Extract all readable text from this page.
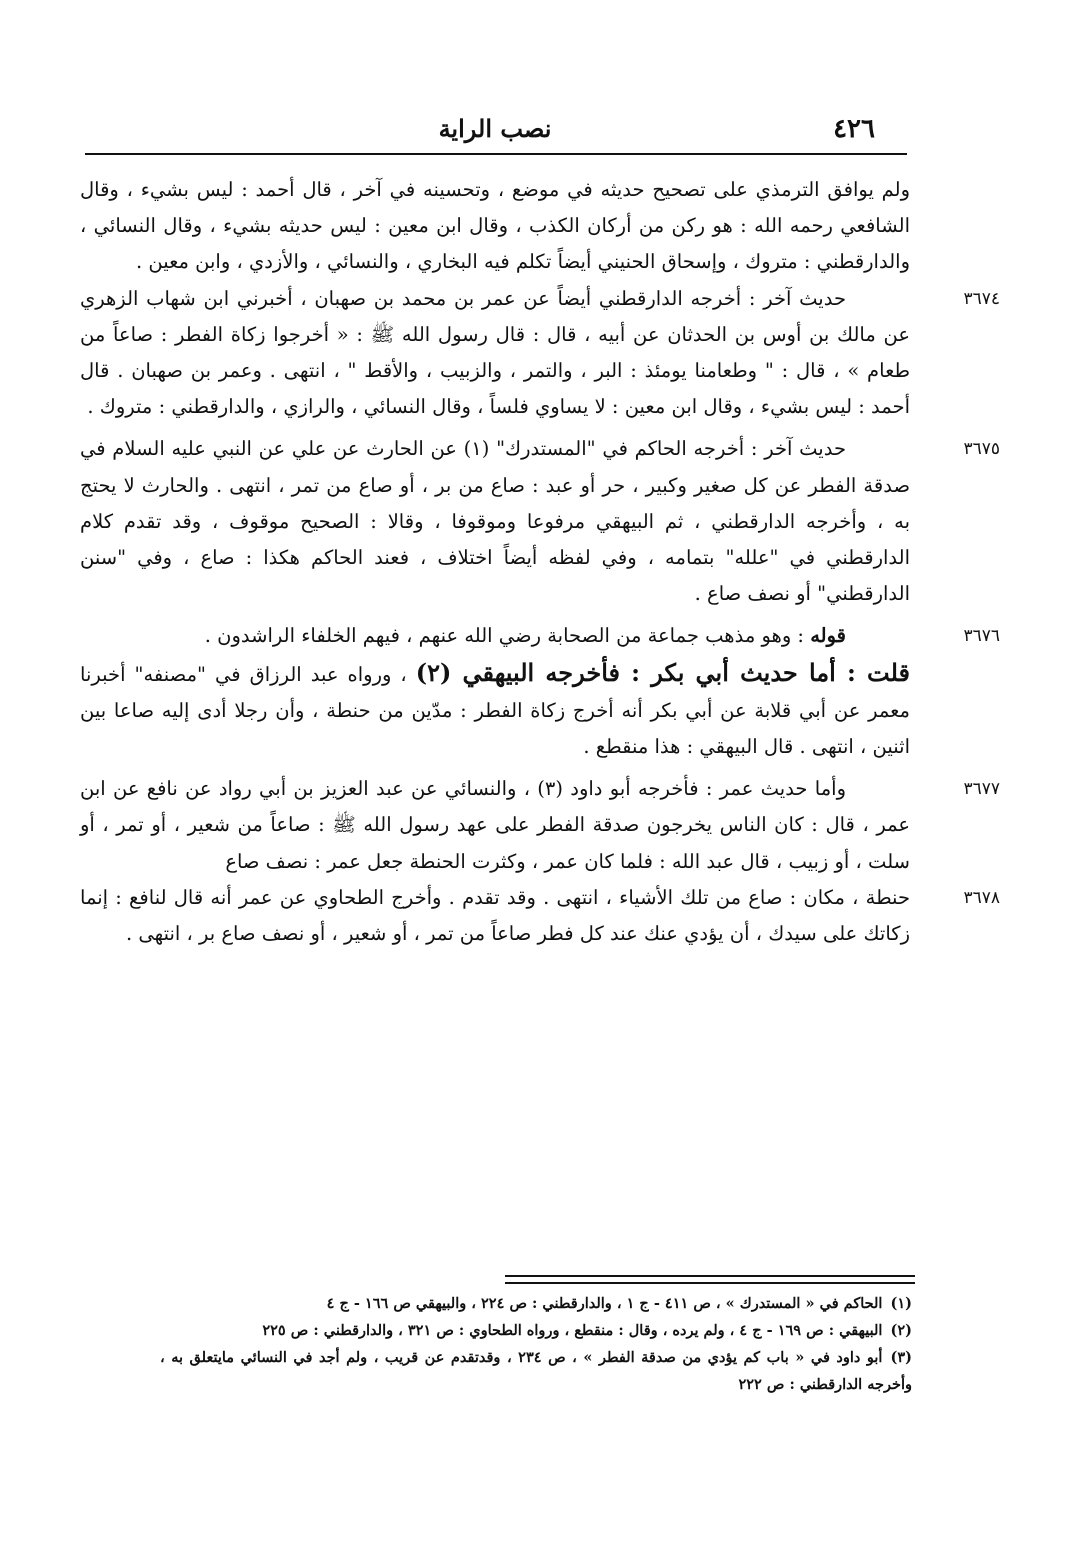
٤٢٦
نصب الراية

ولم يوافق الترمذي على تصحيح حديثه في موضع ، وتحسينه في آخر ، قال أحمد : ليس بشيء ، وقال الشافعي رحمه الله : هو ركن من أركان الكذب ، وقال ابن معين : ليس حديثه بشيء ، وقال النسائي ، والدارقطني : متروك ، وإسحاق الحنيني أيضاً تكلم فيه البخاري ، والنسائي ، والأزدي ، وابن معين .

٣٦٧٤
حديث آخر : أخرجه الدارقطني أيضاً عن عمر بن محمد بن صهبان ، أخبرني ابن شهاب الزهري عن مالك بن أوس بن الحدثان عن أبيه ، قال : قال رسول الله ﷺ : « أخرجوا زكاة الفطر : صاعاً من طعام » ، قال : " وطعامنا يومئذ : البر ، والتمر ، والزبيب ، والأقط " ، انتهى . وعمر بن صهبان . قال أحمد : ليس بشيء ، وقال ابن معين : لا يساوي فلساً ، وقال النسائي ، والرازي ، والدارقطني : متروك .

٣٦٧٥
حديث آخر : أخرجه الحاكم في "المستدرك" (١) عن الحارث عن علي عن النبي عليه السلام في صدقة الفطر عن كل صغير وكبير ، حر أو عبد : صاع من بر ، أو صاع من تمر ، انتهى . والحارث لا يحتج به ، وأخرجه الدارقطني ، ثم البيهقي مرفوعا وموقوفا ، وقالا : الصحيح موقوف ، وقد تقدم كلام الدارقطني في "علله" بتمامه ، وفي لفظه أيضاً اختلاف ، فعند الحاكم هكذا : صاع ، وفي "سنن الدارقطني" أو نصف صاع .

٣٦٧٦
قوله : وهو مذهب جماعة من الصحابة رضي الله عنهم ، فيهم الخلفاء الراشدون .

قلت : أما حديث أبي بكر : فأخرجه البيهقي (٢) ، ورواه عبد الرزاق في "مصنفه" أخبرنا معمر عن أبي قلابة عن أبي بكر أنه أخرج زكاة الفطر : مدّين من حنطة ، وأن رجلا أدى إليه صاعا بين اثنين ، انتهى . قال البيهقي : هذا منقطع .

٣٦٧٧
وأما حديث عمر : فأخرجه أبو داود (٣) ، والنسائي عن عبد العزيز بن أبي رواد عن نافع عن ابن عمر ، قال : كان الناس يخرجون صدقة الفطر على عهد رسول الله ﷺ : صاعاً من شعير ، أو تمر ، أو سلت ، أو زبيب ، قال عبد الله : فلما كان عمر ، وكثرت الحنطة جعل عمر : نصف صاع

٣٦٧٨
حنطة ، مكان : صاع من تلك الأشياء ، انتهى . وقد تقدم . وأخرج الطحاوي عن عمر أنه قال لنافع : إنما زكاتك على سيدك ، أن يؤدي عنك عند كل فطر صاعاً من تمر ، أو شعير ، أو نصف صاع بر ، انتهى .

(١)الحاكم في « المستدرك » ، ص ٤١١ - ج ١ ، والدارقطني : ص ٢٢٤ ، والبيهقي ص ١٦٦ - ج ٤

(٢)البيهقي : ص ١٦٩ - ج ٤ ، ولم يرده ، وقال : منقطع ، ورواه الطحاوي : ص ٣٢١ ، والدارقطني : ص ٢٢٥

(٣)أبو داود في « باب كم يؤدي من صدقة الفطر » ، ص ٢٣٤ ، وقدتقدم عن قريب ، ولم أجد في النسائي مايتعلق به ، وأخرجه الدارقطني : ص ٢٢٢
